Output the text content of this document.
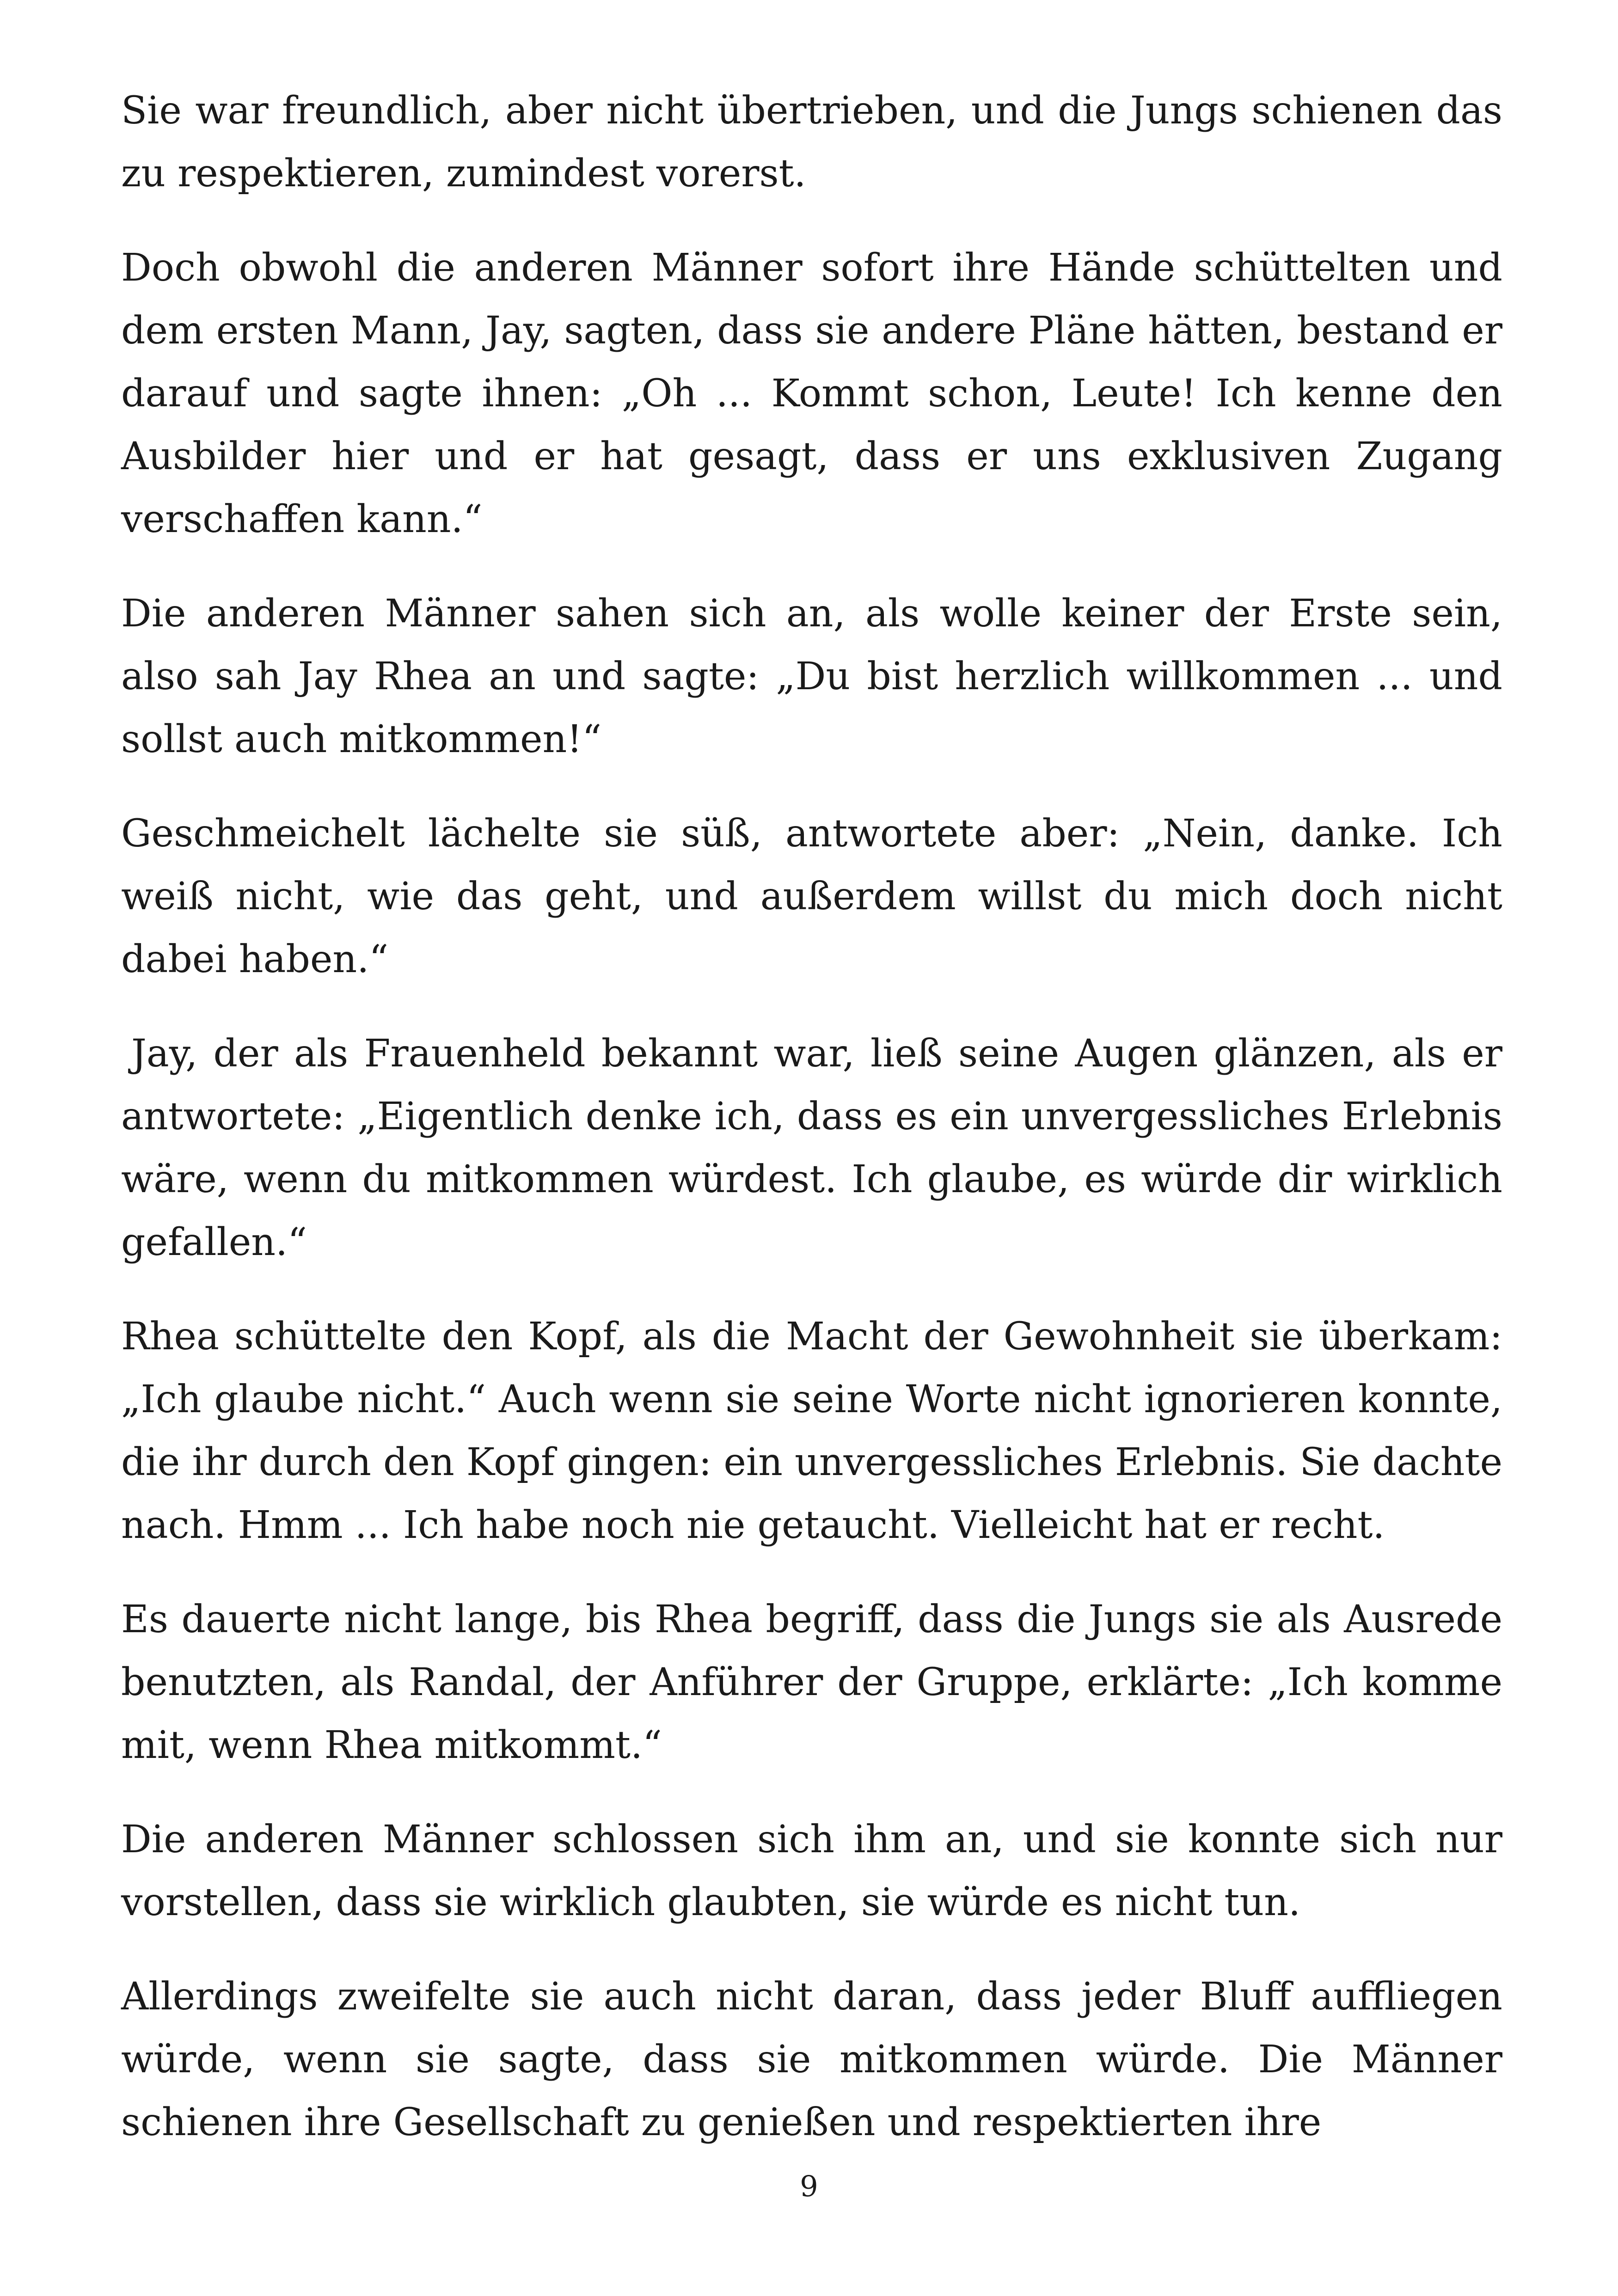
Sie war freundlich, aber nicht übertrieben, und die Jungs schienen das zu respektieren, zumindest vorerst.

Doch obwohl die anderen Männer sofort ihre Hände schüttelten und dem ersten Mann, Jay, sagten, dass sie andere Pläne hätten, bestand er darauf und sagte ihnen: „Oh ... Kommt schon, Leute! Ich kenne den Ausbilder hier und er hat gesagt, dass er uns exklusiven Zugang verschaffen kann.“

Die anderen Männer sahen sich an, als wolle keiner der Erste sein, also sah Jay Rhea an und sagte: „Du bist herzlich willkommen ... und sollst auch mitkommen!“

Geschmeichelt lächelte sie süß, antwortete aber: „Nein, danke. Ich weiß nicht, wie das geht, und außerdem willst du mich doch nicht dabei haben.“

Jay, der als Frauenheld bekannt war, ließ seine Augen glänzen, als er antwortete: „Eigentlich denke ich, dass es ein unvergessliches Erlebnis wäre, wenn du mitkommen würdest. Ich glaube, es würde dir wirklich gefallen.“

Rhea schüttelte den Kopf, als die Macht der Gewohnheit sie überkam: „Ich glaube nicht.“ Auch wenn sie seine Worte nicht ignorieren konnte, die ihr durch den Kopf gingen: ein unvergessliches Erlebnis. Sie dachte nach. Hmm ... Ich habe noch nie getaucht. Vielleicht hat er recht.

Es dauerte nicht lange, bis Rhea begriff, dass die Jungs sie als Ausrede benutzten, als Randal, der Anführer der Gruppe, erklärte: „Ich komme mit, wenn Rhea mitkommt.“

Die anderen Männer schlossen sich ihm an, und sie konnte sich nur vorstellen, dass sie wirklich glaubten, sie würde es nicht tun.

Allerdings zweifelte sie auch nicht daran, dass jeder Bluff auffliegen würde, wenn sie sagte, dass sie mitkommen würde. Die Männer schienen ihre Gesellschaft zu genießen und respektierten ihre

9
